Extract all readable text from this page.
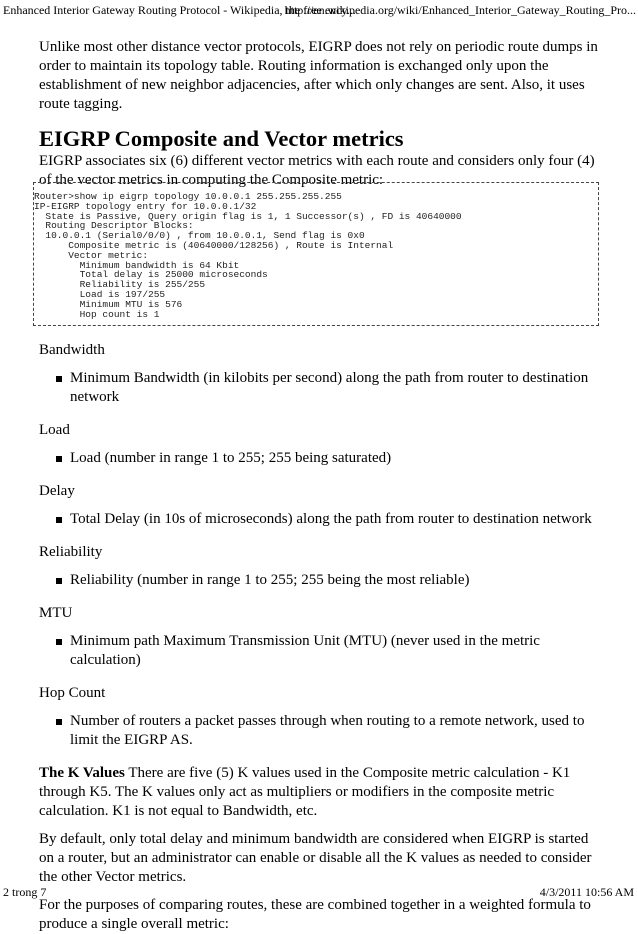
Enhanced Interior Gateway Routing Protocol - Wikipedia, the free ency...
http://en.wikipedia.org/wiki/Enhanced_Interior_Gateway_Routing_Pro...

Unlike most other distance vector protocols, EIGRP does not rely on periodic route dumps in order to maintain its topology table. Routing information is exchanged only upon the establishment of new neighbor adjacencies, after which only changes are sent. Also, it uses route tagging.

EIGRP Composite and Vector metrics

EIGRP associates six (6) different vector metrics with each route and considers only four (4) of the vector metrics in computing the Composite metric:

Router>show ip eigrp topology 10.0.0.1 255.255.255.255
IP-EIGRP topology entry for 10.0.0.1/32
State is Passive, Query origin flag is 1, 1 Successor(s) , FD is 40640000
Routing Descriptor Blocks:
10.0.0.1 (Serial0/0/0) , from 10.0.0.1, Send flag is 0x0
Composite metric is (40640000/128256) , Route is Internal
Vector metric:
Minimum bandwidth is 64 Kbit
Total delay is 25000 microseconds
Reliability is 255/255
Load is 197/255
Minimum MTU is 576
Hop count is 1

Bandwidth

Minimum Bandwidth (in kilobits per second) along the path from router to destination network

Load

Load (number in range 1 to 255; 255 being saturated)

Delay

Total Delay (in 10s of microseconds) along the path from router to destination network

Reliability

Reliability (number in range 1 to 255; 255 being the most reliable)

MTU

Minimum path Maximum Transmission Unit (MTU) (never used in the metric calculation)

Hop Count

Number of routers a packet passes through when routing to a remote network, used to limit the EIGRP AS.

The K Values There are five (5) K values used in the Composite metric calculation - K1 through K5. The K values only act as multipliers or modifiers in the composite metric calculation. K1 is not equal to Bandwidth, etc.

By default, only total delay and minimum bandwidth are considered when EIGRP is started on a router, but an administrator can enable or disable all the K values as needed to consider the other Vector metrics.

For the purposes of comparing routes, these are combined together in a weighted formula to produce a single overall metric:

2 trong 7	4/3/2011 10:56 AM
